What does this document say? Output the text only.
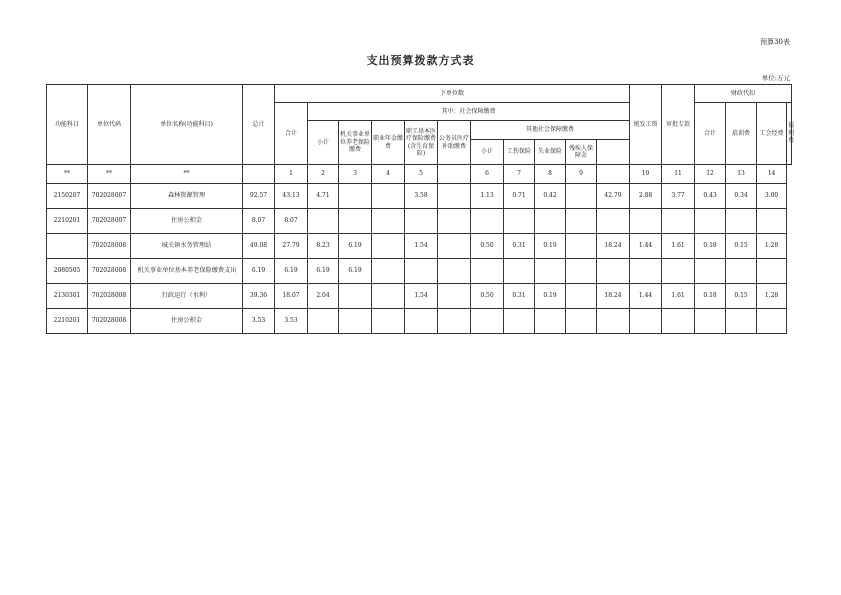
预算30表
支出预算拨款方式表
单位:万元
功能科目	单位代码	单位名称(功能科目)	总计	下单位数											统发工资	审批专款	财政代扣			
				合计	其中：社会保障缴费												合计	培训费	工会经费	福利费
					小计	机关事业单位养老保险缴费	职业年金缴费	职工基本医疗保险缴费(含生育保险)	公务员医疗补助缴费	其他社会保障缴费										
										小计	工伤保险	失业保险	残疾人保障金							
**	**	**		1	2	3	4	5		6	7	8	9		10	11	12	13	14	
2150207	702028007	森林资源管理	92.57	43.13	4.71			3.58		1.13	0.71	0.42		42.79	2.88	3.77	0.43	0.34	3.00	
2210201	702028007	住房公积金	8.07	8.07																
	702028008	城关镇水务管理站	49.08	27.79	8.23	6.19		1.54		0.50	0.31	0.19		18.24	1.44	1.61	0.18	0.15	1.28	
2080505	702028008	机关事业单位基本养老保险缴费支出	6.19	6.19	6.19	6.19														
2130301	702028008	行政运行（水利）	39.36	18.07	2.04			1.54		0.50	0.31	0.19		18.24	1.44	1.61	0.18	0.15	1.28	
2210201	702028008	住房公积金	3.53	3.53																
